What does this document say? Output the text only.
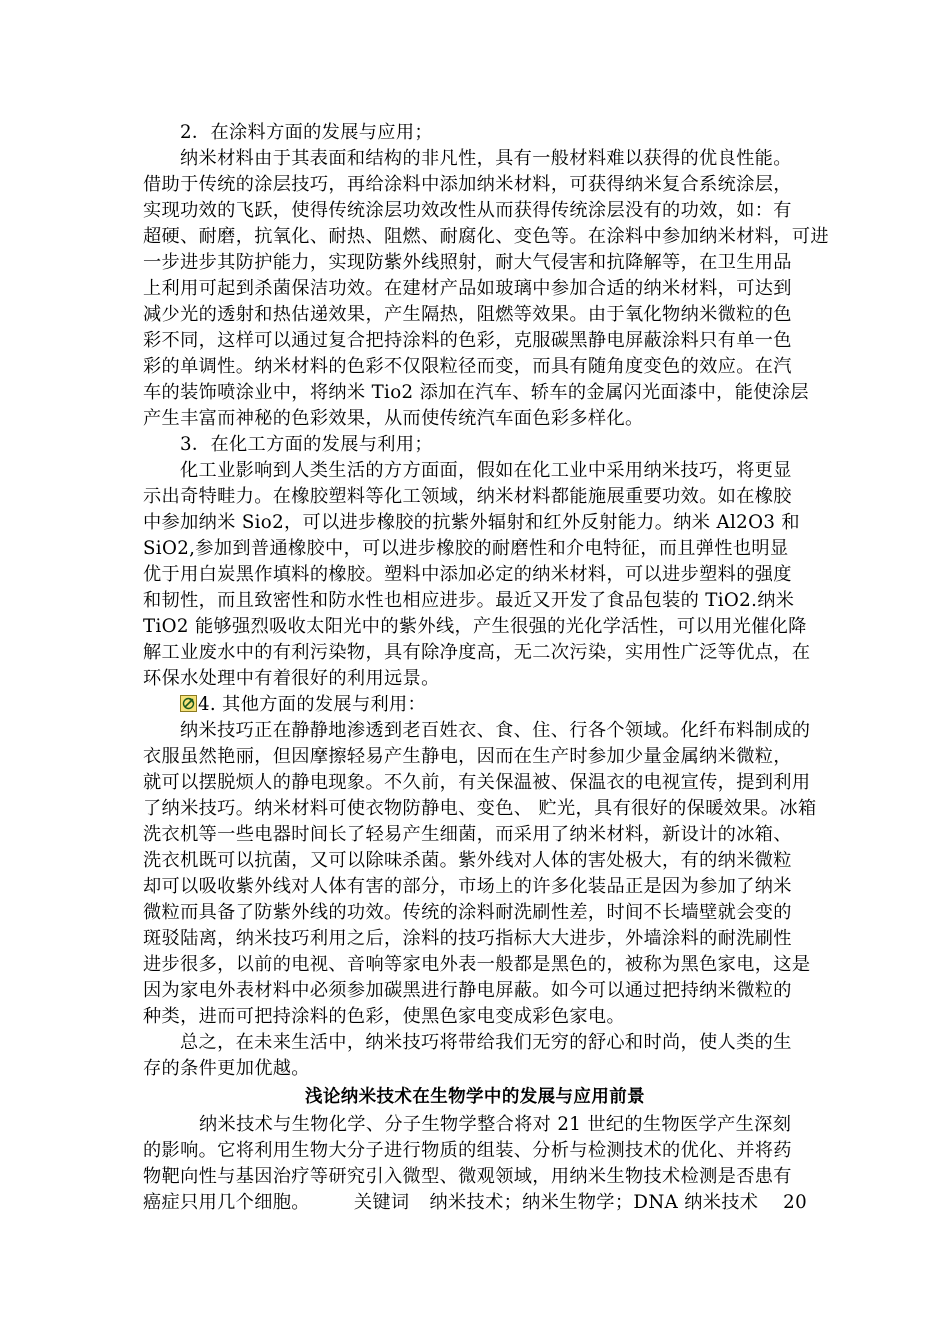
2．在涂料方面的发展与应用；
纳米材料由于其表面和结构的非凡性，具有一般材料难以获得的优良性能。
借助于传统的涂层技巧，再给涂料中添加纳米材料，可获得纳米复合系统涂层，
实现功效的飞跃，使得传统涂层功效改性从而获得传统涂层没有的功效，如：有
超硬、耐磨，抗氧化、耐热、阻燃、耐腐化、变色等。在涂料中参加纳米材料，可进
一步进步其防护能力，实现防紫外线照射，耐大气侵害和抗降解等，在卫生用品
上利用可起到杀菌保洁功效。在建材产品如玻璃中参加合适的纳米材料，可达到
减少光的透射和热估递效果，产生隔热，阻燃等效果。由于氧化物纳米微粒的色
彩不同，这样可以通过复合把持涂料的色彩，克服碳黑静电屏蔽涂料只有单一色
彩的单调性。纳米材料的色彩不仅限粒径而变，而具有随角度变色的效应。在汽
车的装饰喷涂业中，将纳米 Tio2 添加在汽车、轿车的金属闪光面漆中，能使涂层
产生丰富而神秘的色彩效果，从而使传统汽车面色彩多样化。
3．在化工方面的发展与利用；
化工业影响到人类生活的方方面面，假如在化工业中采用纳米技巧，将更显
示出奇特畦力。在橡胶塑料等化工领域，纳米材料都能施展重要功效。如在橡胶
中参加纳米 Sio2，可以进步橡胶的抗紫外辐射和红外反射能力。纳米 Al2O3 和
SiO2,参加到普通橡胶中，可以进步橡胶的耐磨性和介电特征，而且弹性也明显
优于用白炭黑作填料的橡胶。塑料中添加必定的纳米材料，可以进步塑料的强度
和韧性，而且致密性和防水性也相应进步。最近又开发了食品包装的 TiO2.纳米
TiO2 能够强烈吸收太阳光中的紫外线，产生很强的光化学活性，可以用光催化降
解工业废水中的有利污染物，具有除净度高，无二次污染，实用性广泛等优点，在
环保水处理中有着很好的利用远景。
4. 其他方面的发展与利用：
纳米技巧正在静静地渗透到老百姓衣、食、住、行各个领域。化纤布料制成的
衣服虽然艳丽，但因摩擦轻易产生静电，因而在生产时参加少量金属纳米微粒，
就可以摆脱烦人的静电现象。不久前，有关保温被、保温衣的电视宣传，提到利用
了纳米技巧。纳米材料可使衣物防静电、变色、 贮光，具有很好的保暖效果。冰箱
洗衣机等一些电器时间长了轻易产生细菌，而采用了纳米材料，新设计的冰箱、
洗衣机既可以抗菌，又可以除味杀菌。紫外线对人体的害处极大，有的纳米微粒
却可以吸收紫外线对人体有害的部分，市场上的许多化装品正是因为参加了纳米
微粒而具备了防紫外线的功效。传统的涂料耐洗刷性差，时间不长墙壁就会变的
斑驳陆离，纳米技巧利用之后，涂料的技巧指标大大进步，外墙涂料的耐洗刷性
进步很多，以前的电视、音响等家电外表一般都是黑色的，被称为黑色家电，这是
因为家电外表材料中必须参加碳黑进行静电屏蔽。如今可以通过把持纳米微粒的
种类，进而可把持涂料的色彩，使黑色家电变成彩色家电。
总之，在未来生活中，纳米技巧将带给我们无穷的舒心和时尚，使人类的生
存的条件更加优越。
浅论纳米技术在生物学中的发展与应用前景
纳米技术与生物化学、分子生物学整合将对 21 世纪的生物医学产生深刻
的影响。它将利用生物大分子进行物质的组装、分析与检测技术的优化、并将药
物靶向性与基因治疗等研究引入微型、微观领域，用纳米生物技术检测是否患有
癌症只用几个细胞。 关键词 纳米技术；纳米生物学；DNA 纳米技术 20
